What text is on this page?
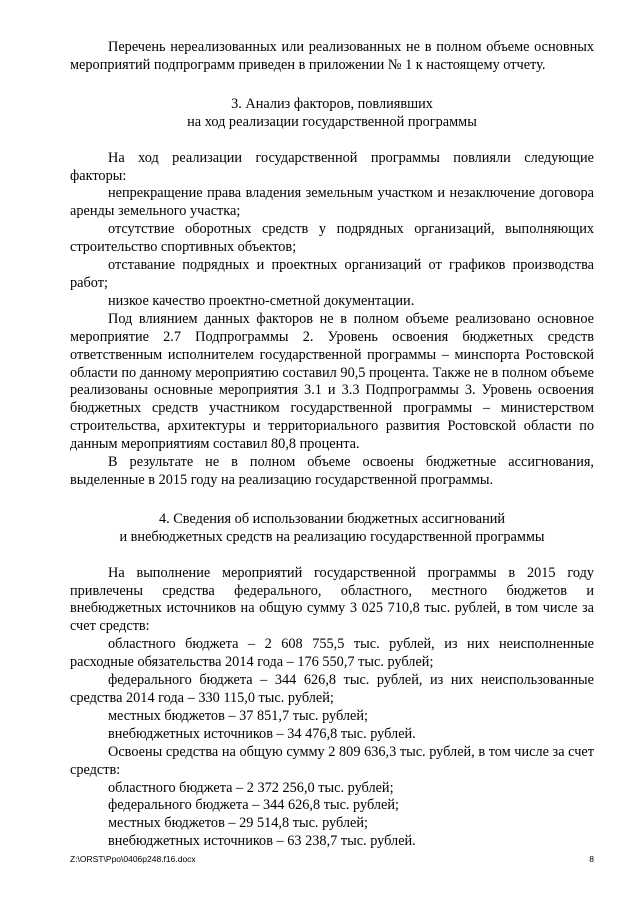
Перечень нереализованных или реализованных не в полном объеме основных мероприятий подпрограмм приведен в приложении № 1 к настоящему отчету.

3. Анализ факторов, повлиявших

на ход реализации государственной программы

На ход реализации государственной программы повлияли следующие факторы:

непрекращение права владения земельным участком и незаключение договора аренды земельного участка;

отсутствие оборотных средств у подрядных организаций, выполняющих строительство спортивных объектов;

отставание подрядных и проектных организаций от графиков производства работ;

низкое качество проектно-сметной документации.

Под влиянием данных факторов не в полном объеме реализовано основное мероприятие 2.7 Подпрограммы 2. Уровень освоения бюджетных средств ответственным исполнителем государственной программы – минспорта Ростовской области по данному мероприятию составил 90,5 процента. Также не в полном объеме реализованы основные мероприятия 3.1 и 3.3 Подпрограммы 3. Уровень освоения бюджетных средств участником государственной программы – министерством строительства, архитектуры и территориального развития Ростовской области по данным мероприятиям составил 80,8 процента.

В результате не в полном объеме освоены бюджетные ассигнования, выделенные в 2015 году на реализацию государственной программы.

4. Сведения об использовании бюджетных ассигнований

и внебюджетных средств на реализацию государственной программы

На выполнение мероприятий государственной программы в 2015 году привлечены средства федерального, областного, местного бюджетов и внебюджетных источников на общую сумму 3 025 710,8 тыс. рублей, в том числе за счет средств:

областного бюджета – 2 608 755,5 тыс. рублей, из них неисполненные расходные обязательства 2014 года – 176 550,7 тыс. рублей;

федерального бюджета – 344 626,8 тыс. рублей, из них неиспользованные средства 2014 года – 330 115,0 тыс. рублей;

местных бюджетов – 37 851,7 тыс. рублей;

внебюджетных источников – 34 476,8 тыс. рублей.

Освоены средства на общую сумму 2 809 636,3 тыс. рублей, в том числе за счет средств:

областного бюджета – 2 372 256,0 тыс. рублей;

федерального бюджета – 344 626,8 тыс. рублей;

местных бюджетов – 29 514,8 тыс. рублей;

внебюджетных источников – 63 238,7 тыс. рублей.

Z:\ORST\Ppo\0406p248.f16.docx	8
